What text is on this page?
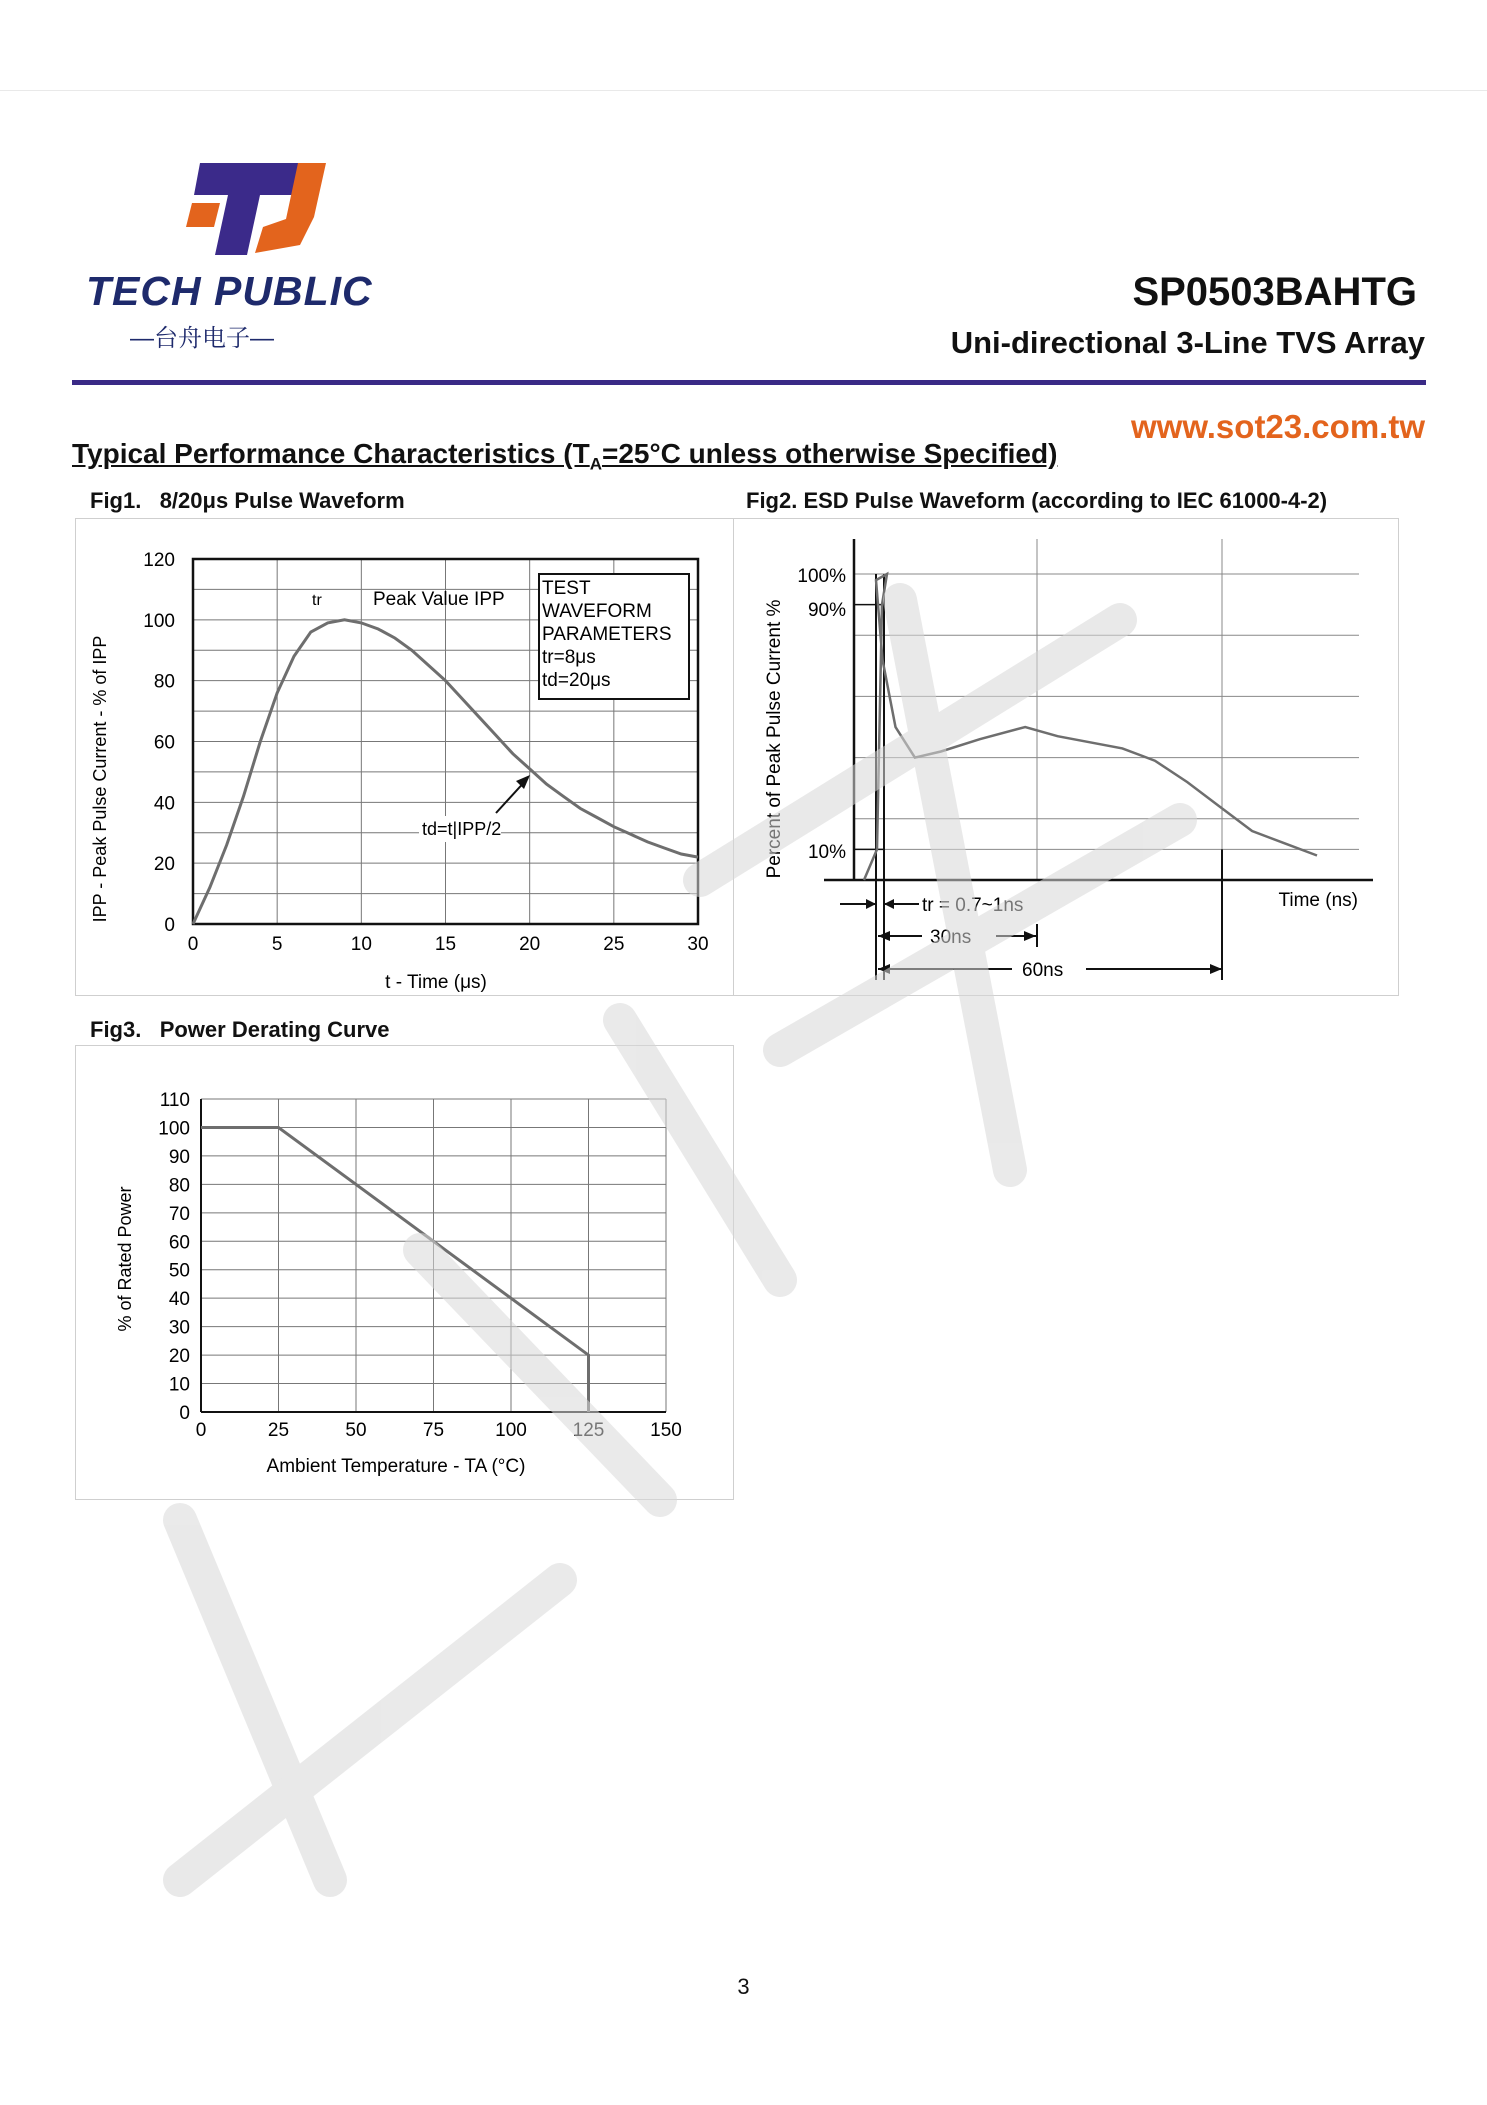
TECH PUBLIC
—台舟电子—
SP0503BAHTG
Uni-directional 3-Line TVS Array
www.sot23.com.tw
Typical Performance Characteristics ($T_A=25^\circ C$ unless otherwise Specified)
Fig1. 8/20μs Pulse Waveform	Fig2. ESD Pulse Waveform (according to IEC 61000-4-2)
0	5	10	15	20	25	30
0
20
40
60
80
100
120
TEST
WAVEFORM
PARAMETERS
tr=8μs
td=20μs
tr	Peak Value IPP
td=t|IPP/2
t - Time (μs)
IPP - Peak Pulse Current - % of IPP
100%
90%
10%
Time (ns)
Percent of Peak Pulse Current %
tr = 0.7~1ns
30ns
60ns
Fig3. Power Derating Curve
0
10
20
30
40
50
60
70
80
90
100
110
0	25	50	75	100 125 150
Ambient Temperature - TA (°C)
% of Rated Power
3
